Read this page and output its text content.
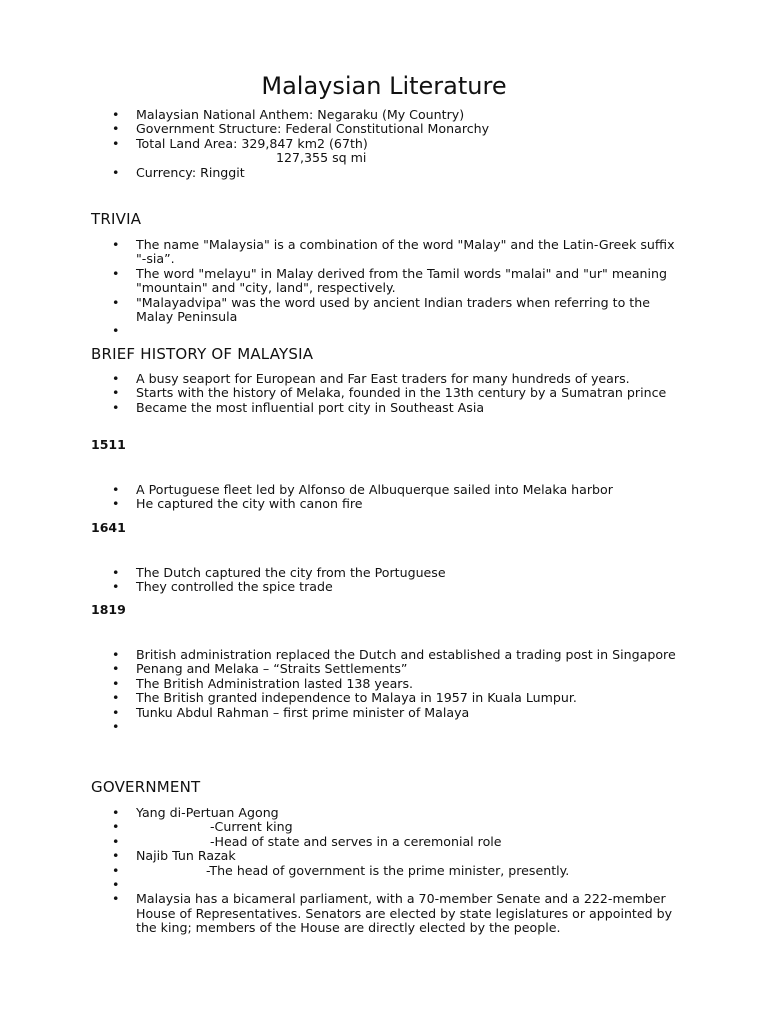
Malaysian Literature
• Malaysian National Anthem: Negaraku (My Country)
• Government Structure: Federal Constitutional Monarchy
• Total Land Area: 329,847 km2 (67th)
127,355 sq mi
• Currency: Ringgit
TRIVIA
• The name "Malaysia" is a combination of the word "Malay" and the Latin-Greek suffix "-sia”.
• The word "melayu" in Malay derived from the Tamil words "malai" and "ur" meaning "mountain" and "city, land", respectively.
• "Malayadvipa" was the word used by ancient Indian traders when referring to the Malay Peninsula
•
BRIEF HISTORY OF MALAYSIA
• A busy seaport for European and Far East traders for many hundreds of years.
• Starts with the history of Melaka, founded in the 13th century by a Sumatran prince
• Became the most influential port city in Southeast Asia
1511
• A Portuguese fleet led by Alfonso de Albuquerque sailed into Melaka harbor
• He captured the city with canon fire
1641
• The Dutch captured the city from the Portuguese
• They controlled the spice trade
1819
• British administration replaced the Dutch and established a trading post in Singapore
• Penang and Melaka – “Straits Settlements”
• The British Administration lasted 138 years.
• The British granted independence to Malaya in 1957 in Kuala Lumpur.
• Tunku Abdul Rahman – first prime minister of Malaya
•
GOVERNMENT
• Yang di-Pertuan Agong
• -Current king
• -Head of state and serves in a ceremonial role
• Najib Tun Razak
• -The head of government is the prime minister, presently.
•
• Malaysia has a bicameral parliament, with a 70-member Senate and a 222-member House of Representatives. Senators are elected by state legislatures or appointed by the king; members of the House are directly elected by the people.
